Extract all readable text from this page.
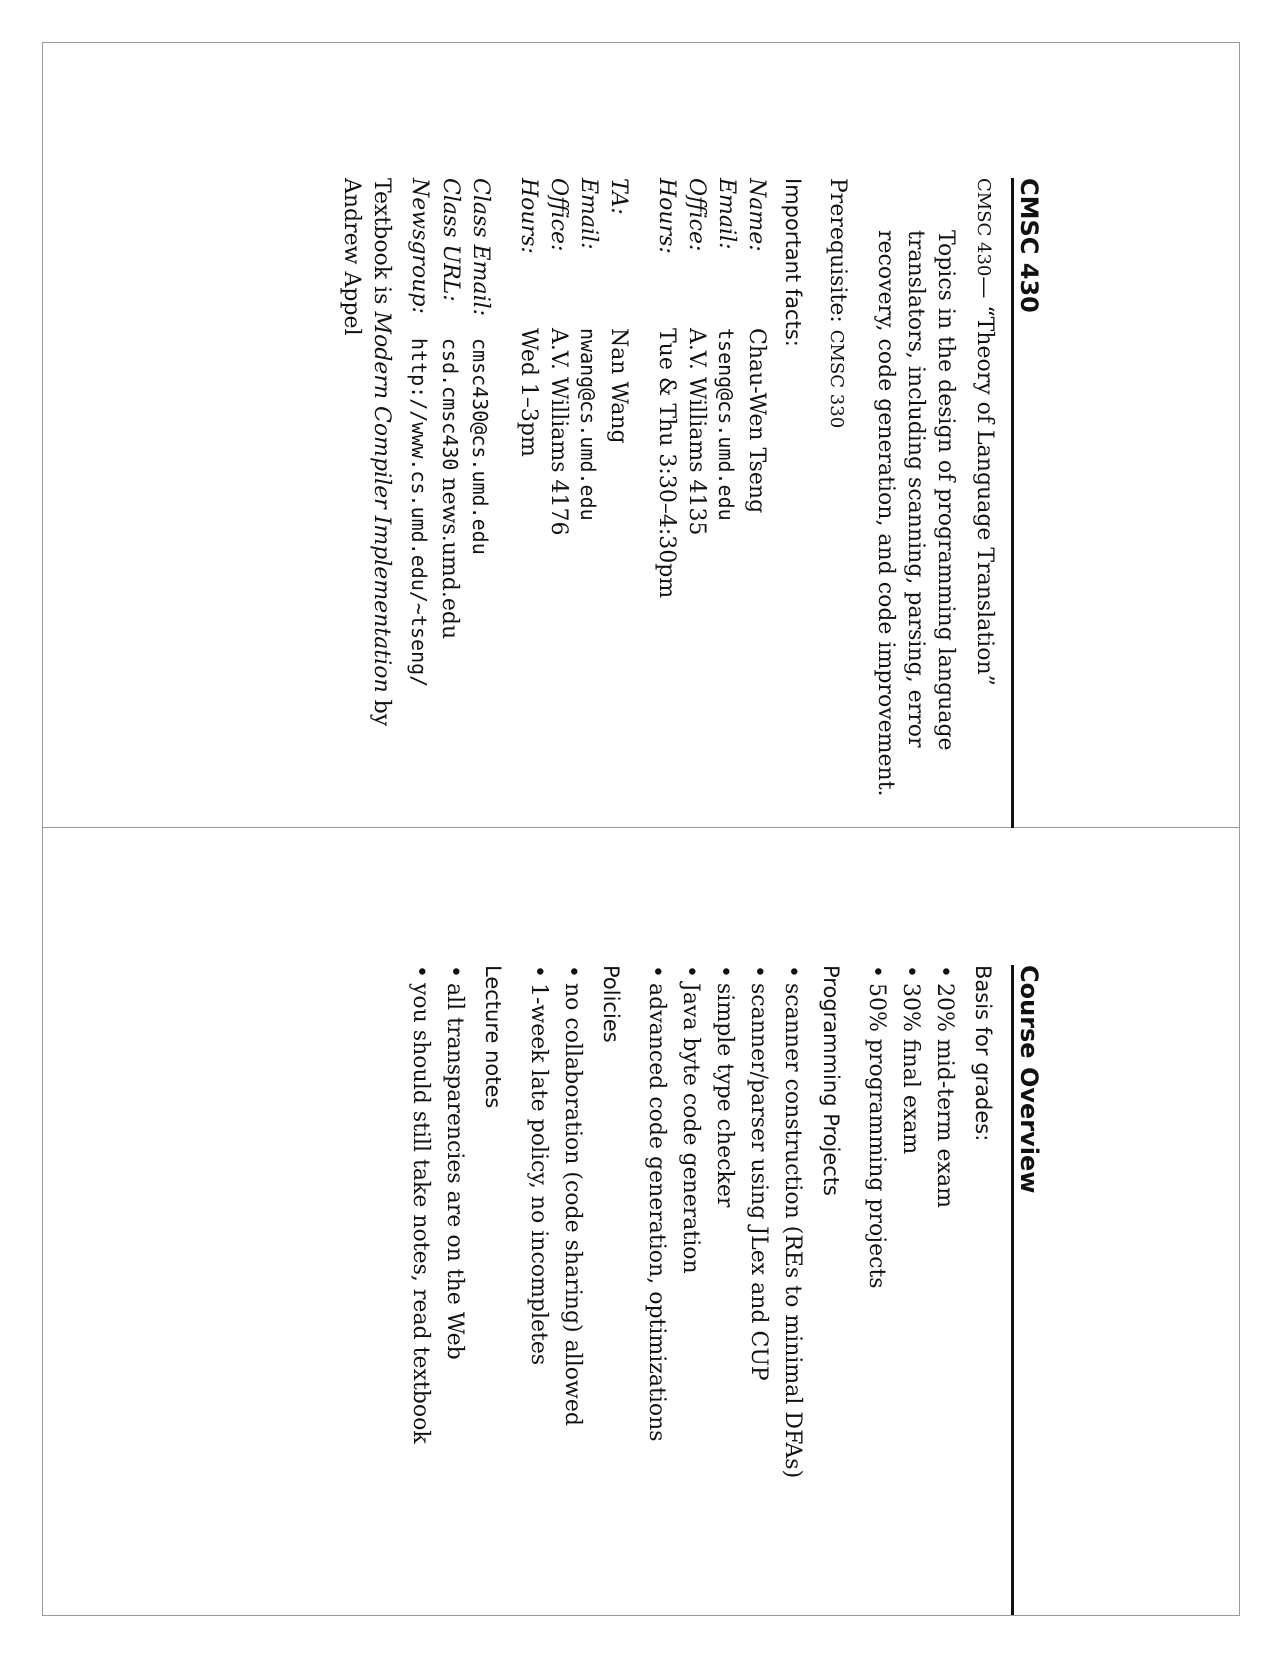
CMSC 430
CMSC 430— “Theory of Language Translation”
Topics in the design of programming language translators, including scanning, parsing, error recovery, code generation, and code improvement.
Prerequisite: CMSC 330
Important facts:
Name:
Chau-Wen Tseng
Email:
tseng@cs.umd.edu
Office:
A.V. Williams 4135
Hours:
Tue & Thu 3:30–4:30pm
TA:
Nan Wang
Email:
nwang@cs.umd.edu
Office:
A.V. Williams 4176
Hours:
Wed 1–3pm
Class Email:
cmsc430@cs.umd.edu
Class URL:
csd.cmsc430 news.umd.edu
Newsgroup:
http://www.cs.umd.edu/~tseng/
Textbook is Modern Compiler Implementation by
Andrew Appel
Course Overview
Basis for grades:
•
20% mid-term exam
•
30% final exam
•
50% programming projects
Programming Projects
•
scanner construction (REs to minimal DFAs)
•
scanner/parser using JLex and CUP
•
simple type checker
•
Java byte code generation
•
advanced code generation, optimizations
Policies
•
no collaboration (code sharing) allowed
•
1-week late policy, no incompletes
Lecture notes
•
all transparencies are on the Web
•
you should still take notes, read textbook
